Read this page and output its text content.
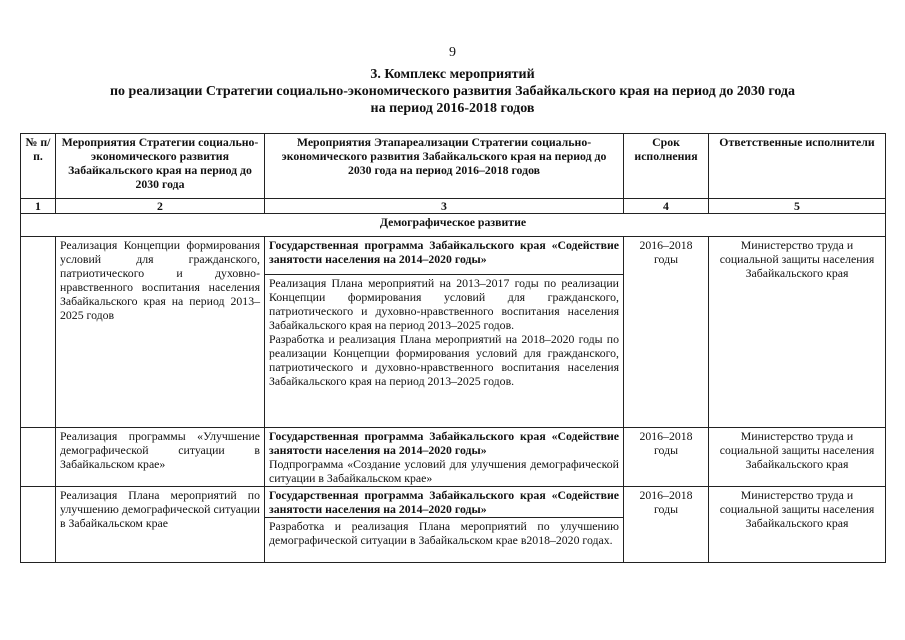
9
3. Комплекс мероприятий
по реализации Стратегии социально-экономического развития Забайкальского края на период до 2030 года
на период 2016-2018 годов
№ п/п.	Мероприятия Стратегии социально-экономического развития Забайкальского края на период до 2030 года	Мероприятия Этапареализации Стратегии социально-экономического развития Забайкальского края на период до 2030 года на период 2016–2018 годов	Срок исполнения	Ответственные исполнители
1	2	3	4	5
Демографическое развитие				
	Реализация Концепции формирования условий для гражданского, патриотического и духовно-нравственного воспитания населения Забайкальского края на период 2013–2025 годов	Государственная программа Забайкальского края «Содействие занятости населения на 2014–2020 годы»	2016–2018 годы	Министерство труда и социальной защиты населения Забайкальского края

		Реализация Плана мероприятий на 2013–2017 годы по реализации Концепции формирования условий для гражданского, патриотического и духовно-нравственного воспитания населения Забайкальского края на период 2013–2025 годов.
Разработка и реализация Плана мероприятий на 2018–2020 годы по реализации Концепции формирования условий для гражданского, патриотического и духовно-нравственного воспитания населения Забайкальского края на период 2013–2025 годов.		

	Реализация программы «Улучшение демографической ситуации в Забайкальском крае»	Государственная программа Забайкальского края «Содействие занятости населения на 2014–2020 годы»
Подпрограмма «Создание условий для улучшения демографической ситуации в Забайкальском крае»	2016–2018 годы	Министерство труда и социальной защиты населения Забайкальского края
	Реализация Плана мероприятий по улучшению демографической ситуации в Забайкальском крае	Государственная программа Забайкальского края «Содействие занятости населения на 2014–2020 годы»	2016–2018 годы	Министерство труда и социальной защиты населения Забайкальского края
		Разработка и реализация Плана мероприятий по улучшению демографической ситуации в Забайкальском крае в2018–2020 годах.		
